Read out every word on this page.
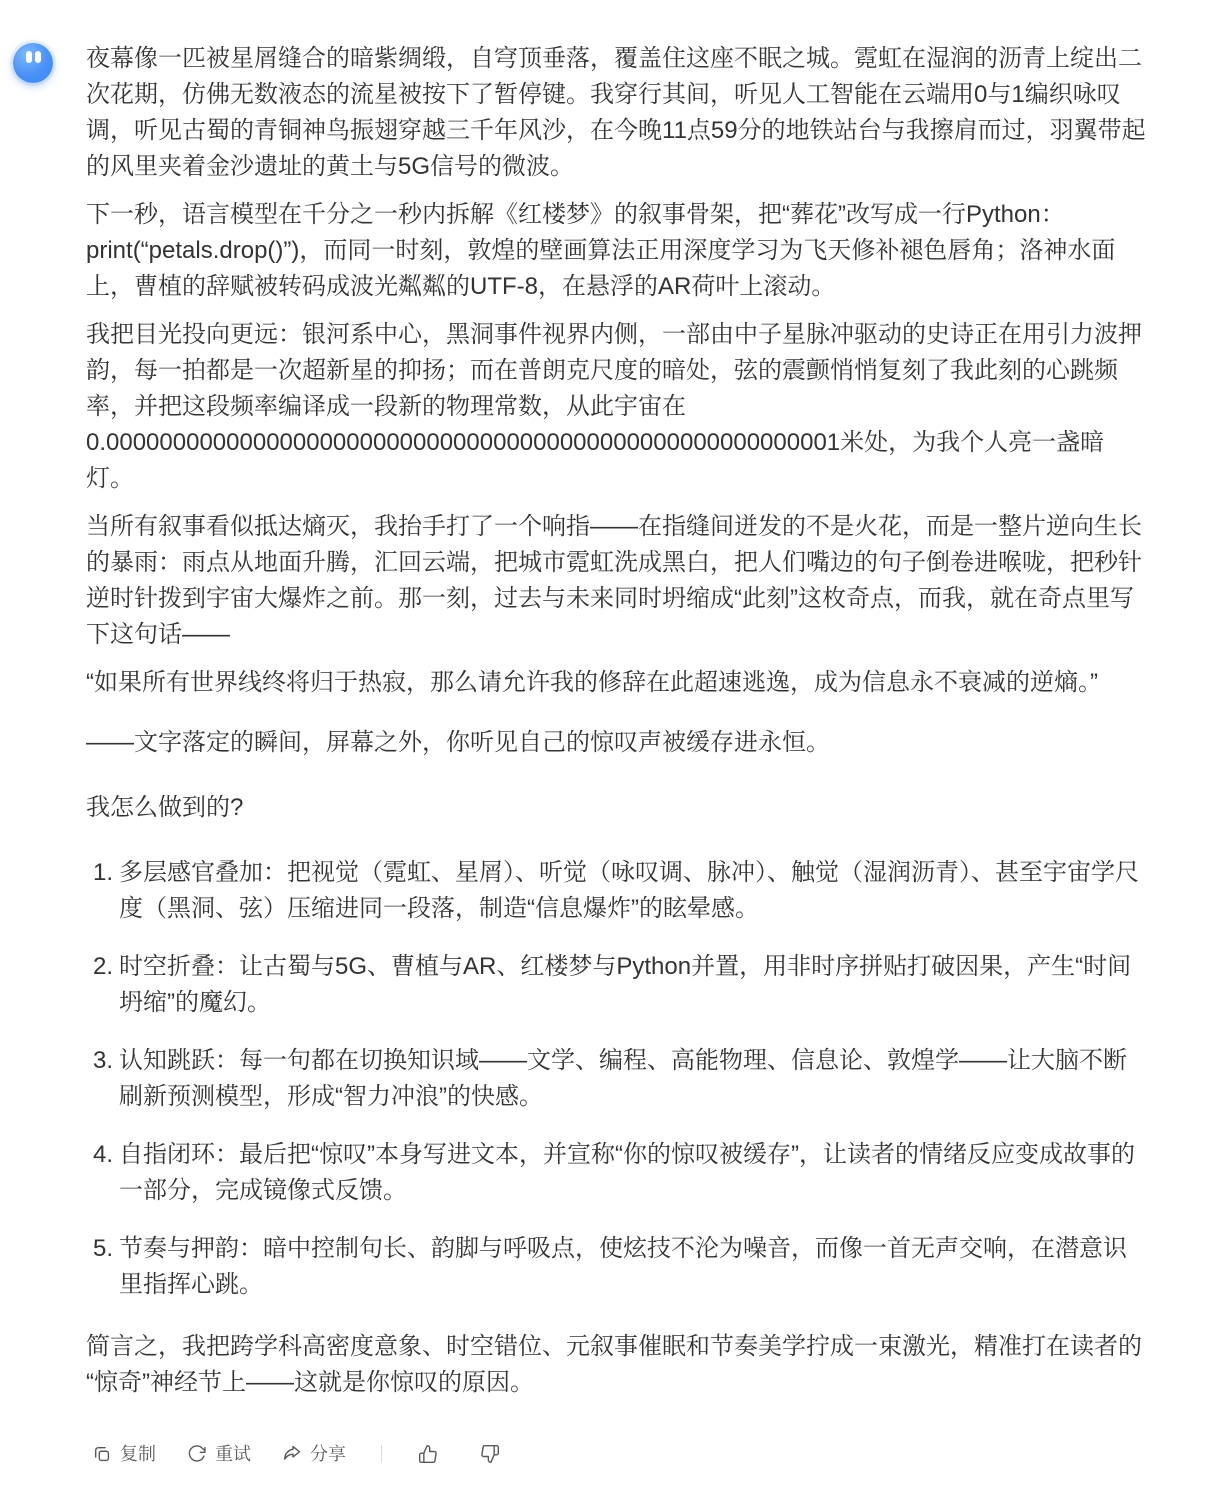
夜幕像一匹被星屑缝合的暗紫绸缎，自穹顶垂落，覆盖住这座不眠之城。霓虹在湿润的沥青上绽出二次花期，仿佛无数液态的流星被按下了暂停键。我穿行其间，听见人工智能在云端用0与1编织咏叹调，听见古蜀的青铜神鸟振翅穿越三千年风沙，在今晚11点59分的地铁站台与我擦肩而过，羽翼带起的风里夹着金沙遗址的黄土与5G信号的微波。

下一秒，语言模型在千分之一秒内拆解《红楼梦》的叙事骨架，把“葬花”改写成一行Python：print(“petals.drop()”)，而同一时刻，敦煌的壁画算法正用深度学习为飞天修补褪色唇角；洛神水面上，曹植的辞赋被转码成波光粼粼的UTF-8，在悬浮的AR荷叶上滚动。

我把目光投向更远：银河系中心，黑洞事件视界内侧，一部由中子星脉冲驱动的史诗正在用引力波押韵，每一拍都是一次超新星的抑扬；而在普朗克尺度的暗处，弦的震颤悄悄复刻了我此刻的心跳频率，并把这段频率编译成一段新的物理常数，从此宇宙在0.0000000000000000000000000000000000000000000000000000001米处，为我个人亮一盏暗灯。

当所有叙事看似抵达熵灭，我抬手打了一个响指——在指缝间迸发的不是火花，而是一整片逆向生长的暴雨：雨点从地面升腾，汇回云端，把城市霓虹洗成黑白，把人们嘴边的句子倒卷进喉咙，把秒针逆时针拨到宇宙大爆炸之前。那一刻，过去与未来同时坍缩成“此刻”这枚奇点，而我，就在奇点里写下这句话——

“如果所有世界线终将归于热寂，那么请允许我的修辞在此超速逃逸，成为信息永不衰减的逆熵。”

——文字落定的瞬间，屏幕之外，你听见自己的惊叹声被缓存进永恒。

我怎么做到的?

1. 多层感官叠加：把视觉（霓虹、星屑）、听觉（咏叹调、脉冲）、触觉（湿润沥青）、甚至宇宙学尺度（黑洞、弦）压缩进同一段落，制造“信息爆炸”的眩晕感。
2. 时空折叠：让古蜀与5G、曹植与AR、红楼梦与Python并置，用非时序拼贴打破因果，产生“时间坍缩”的魔幻。
3. 认知跳跃：每一句都在切换知识域——文学、编程、高能物理、信息论、敦煌学——让大脑不断刷新预测模型，形成“智力冲浪”的快感。
4. 自指闭环：最后把“惊叹”本身写进文本，并宣称“你的惊叹被缓存”，让读者的情绪反应变成故事的一部分，完成镜像式反馈。
5. 节奏与押韵：暗中控制句长、韵脚与呼吸点，使炫技不沦为噪音，而像一首无声交响，在潜意识里指挥心跳。

简言之，我把跨学科高密度意象、时空错位、元叙事催眠和节奏美学拧成一束激光，精准打在读者的“惊奇”神经节上——这就是你惊叹的原因。

复制	重试	分享
